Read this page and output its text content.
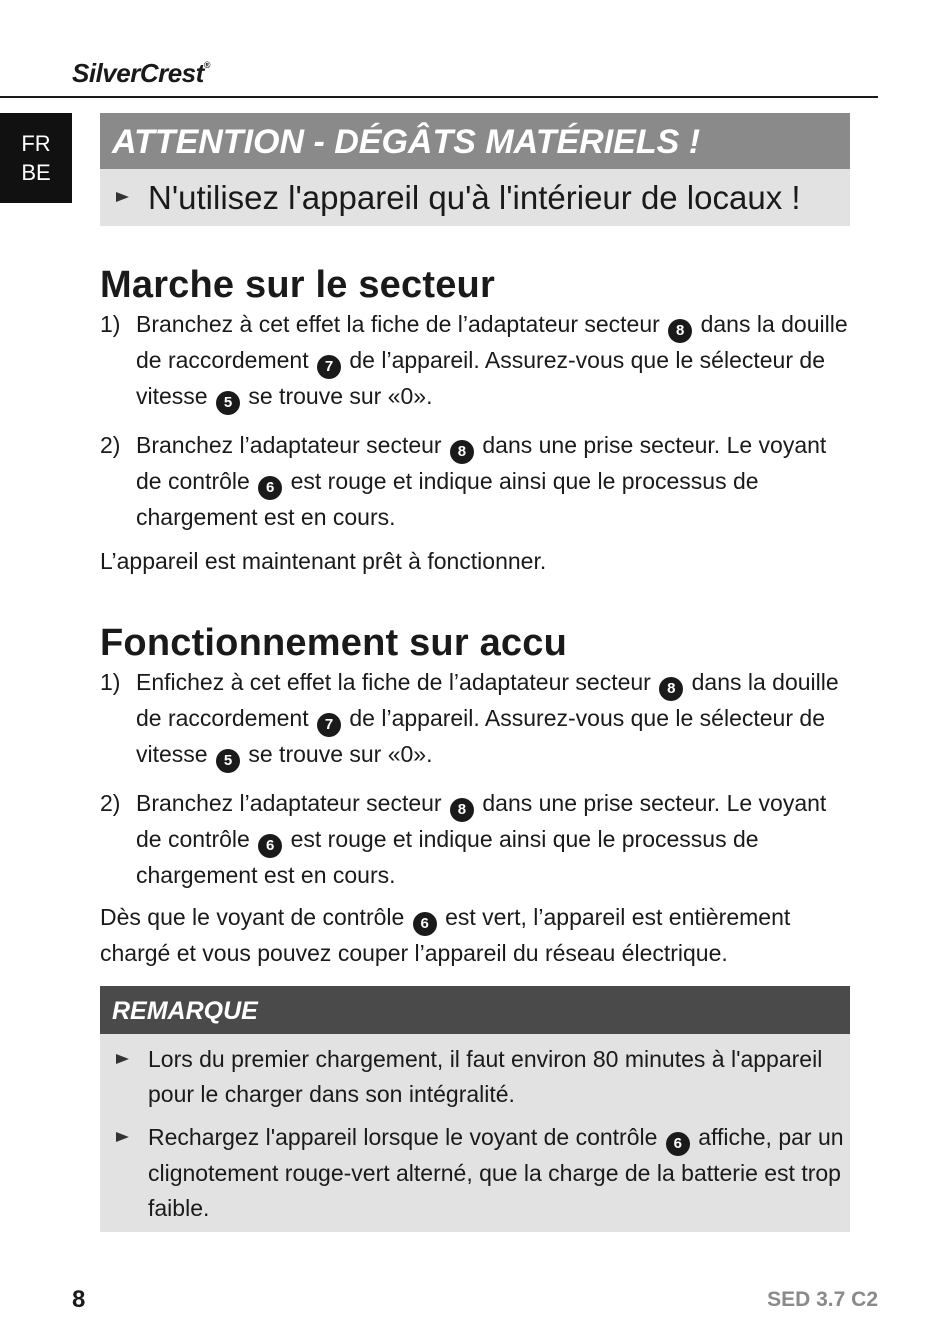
SilverCrest®
FR
BE
ATTENTION - DÉGÂTS MATÉRIELS !
N'utilisez l'appareil qu'à l'intérieur de locaux !
Marche sur le secteur
1) Branchez à cet effet la fiche de l’adaptateur secteur 8 dans la douille de raccordement 7 de l’appareil. Assurez-vous que le sélecteur de vitesse 5 se trouve sur «0».
2) Branchez l’adaptateur secteur 8 dans une prise secteur. Le voyant de contrôle 6 est rouge et indique ainsi que le processus de chargement est en cours.

L’appareil est maintenant prêt à fonctionner.

Fonctionnement sur accu
1) Enfichez à cet effet la fiche de l’adaptateur secteur 8 dans la douille de raccordement 7 de l’appareil. Assurez-vous que le sélecteur de vitesse 5 se trouve sur «0».
2) Branchez l’adaptateur secteur 8 dans une prise secteur. Le voyant de contrôle 6 est rouge et indique ainsi que le processus de chargement est en cours.

Dès que le voyant de contrôle 6 est vert, l’appareil est entièrement chargé et vous pouvez couper l’appareil du réseau électrique.

REMARQUE
Lors du premier chargement, il faut environ 80 minutes à l'appareil pour le charger dans son intégralité.
Rechargez l'appareil lorsque le voyant de contrôle 6 affiche, par un clignotement rouge-vert alterné, que la charge de la batterie est trop faible.
8	SED 3.7 C2
